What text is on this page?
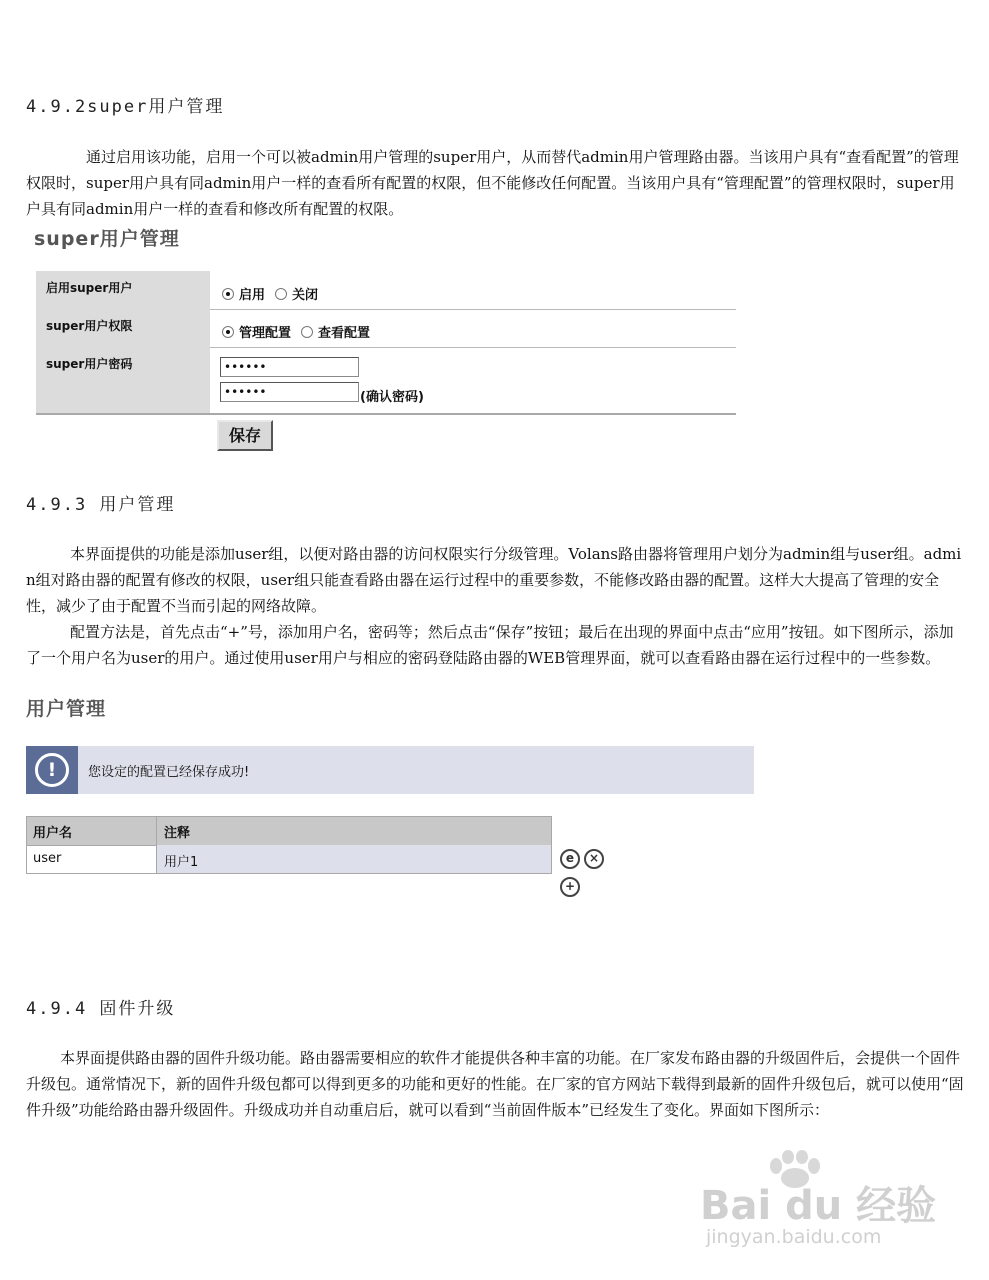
4.9.2super用户管理

通过启用该功能，启用一个可以被admin用户管理的super用户，从而替代admin用户管理路由器。当该用户具有“查看配置”的管理权限时，super用户具有同admin用户一样的查看所有配置的权限，但不能修改任何配置。当该用户具有“管理配置”的管理权限时，super用户具有同admin用户一样的查看和修改所有配置的权限。

super用户管理
启用super用户	启用 关闭
super用户权限	管理配置 查看配置
super用户密码	••••••
••••••	(确认密码)
保存
4.9.3 用户管理

本界面提供的功能是添加user组，以便对路由器的访问权限实行分级管理。Volans路由器将管理用户划分为admin组与user组。admin组对路由器的配置有修改的权限，user组只能查看路由器在运行过程中的重要参数，不能修改路由器的配置。这样大大提高了管理的安全性，减少了由于配置不当而引起的网络故障。

配置方法是，首先点击“+”号，添加用户名，密码等；然后点击“保存”按钮；最后在出现的界面中点击“应用”按钮。如下图所示，添加了一个用户名为user的用户。通过使用user用户与相应的密码登陆路由器的WEB管理界面，就可以查看路由器在运行过程中的一些参数。

用户管理
!	您设定的配置已经保存成功!
用户名	注释
user	用户1	e	×
+
4.9.4 固件升级

本界面提供路由器的固件升级功能。路由器需要相应的软件才能提供各种丰富的功能。在厂家发布路由器的升级固件后，会提供一个固件升级包。通常情况下，新的固件升级包都可以得到更多的功能和更好的性能。在厂家的官方网站下载得到最新的固件升级包后，就可以使用“固件升级”功能给路由器升级固件。升级成功并自动重启后，就可以看到“当前固件版本”已经发生了变化。界面如下图所示：

Bai du 经验
jingyan.baidu.com
